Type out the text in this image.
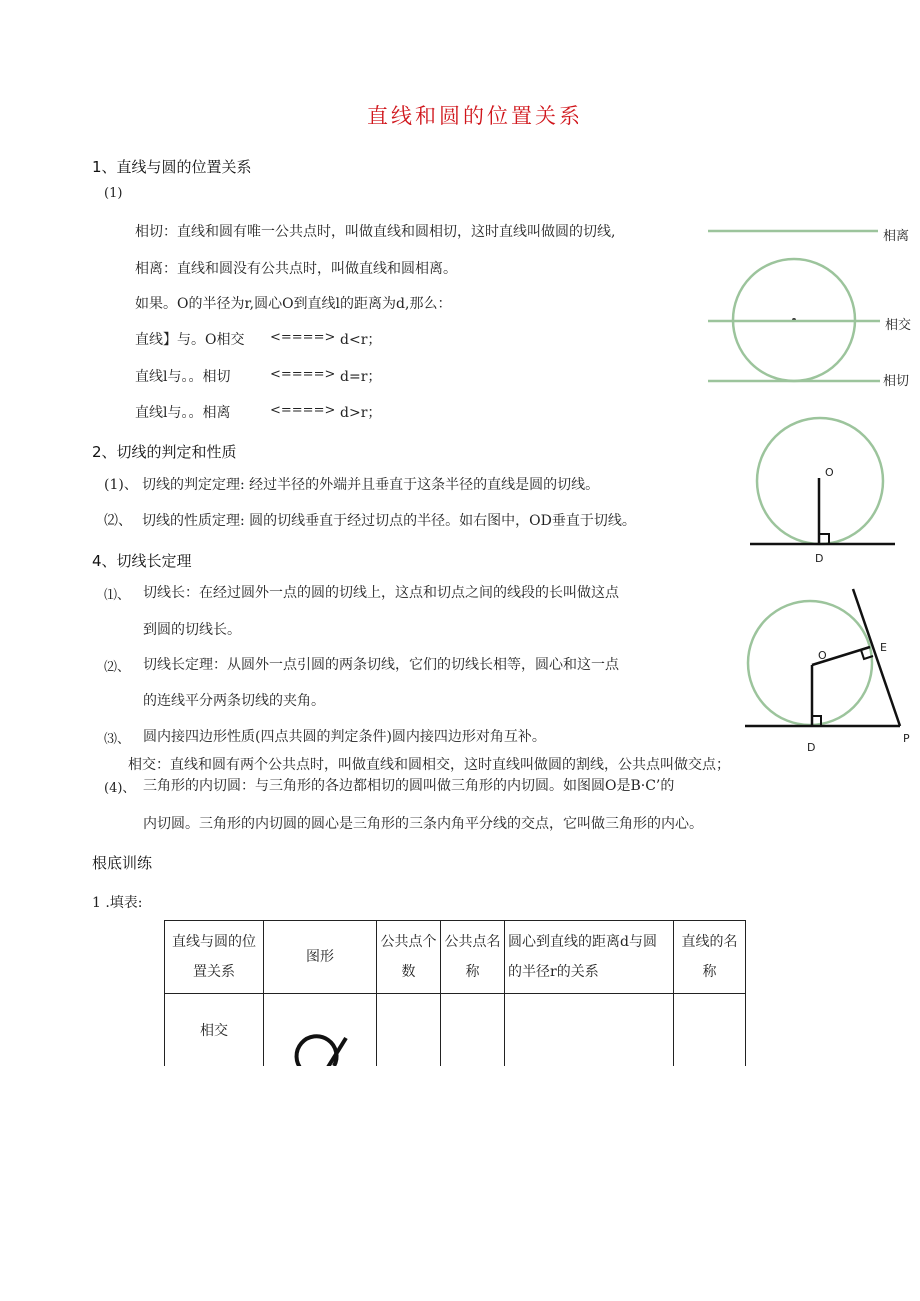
直线和圆的位置关系
1、直线与圆的位置关系
(1)
相切：直线和圆有唯一公共点时，叫做直线和圆相切，这时直线叫做圆的切线,
相离：直线和圆没有公共点时，叫做直线和圆相离。
如果。O的半径为r,圆心O到直线l的距离为d,那么：
直线】与。O相交 <====> d<r；
直线l与。。相切	<====> d=r；
直线l与。。相离	<====> d>r；
相离
相交
相切
2、切线的判定和性质
(1)、 切线的判定定理: 经过半径的外端并且垂直于这条半径的直线是圆的切线。
⑵、 切线的性质定理: 圆的切线垂直于经过切点的半径。如右图中，OD垂直于切线。
O
D
4、切线长定理
⑴、 切线长：在经过圆外一点的圆的切线上，这点和切点之间的线段的长叫做这点
到圆的切线长。
⑵、 切线长定理：从圆外一点引圆的两条切线，它们的切线长相等，圆心和这一点
的连线平分两条切线的夹角。
⑶、 圆内接四边形性质(四点共圆的判定条件)圆内接四边形对角互补。
相交：直线和圆有两个公共点时，叫做直线和圆相交，这时直线叫做圆的割线，公共点叫做交点；
(4)、 三角形的内切圆：与三角形的各边都相切的圆叫做三角形的内切圆。如图圆O是B·C’的
内切圆。三角形的内切圆的圆心是三角形的三条内角平分线的交点，它叫做三角形的内心。
O
E
D
P
根底训练
1 .填表:
直线与圆的位置关系	图形	公共点个数	公共点名称	圆心到直线的距离d与圆的半径r的关系	直线的名称
相交	
